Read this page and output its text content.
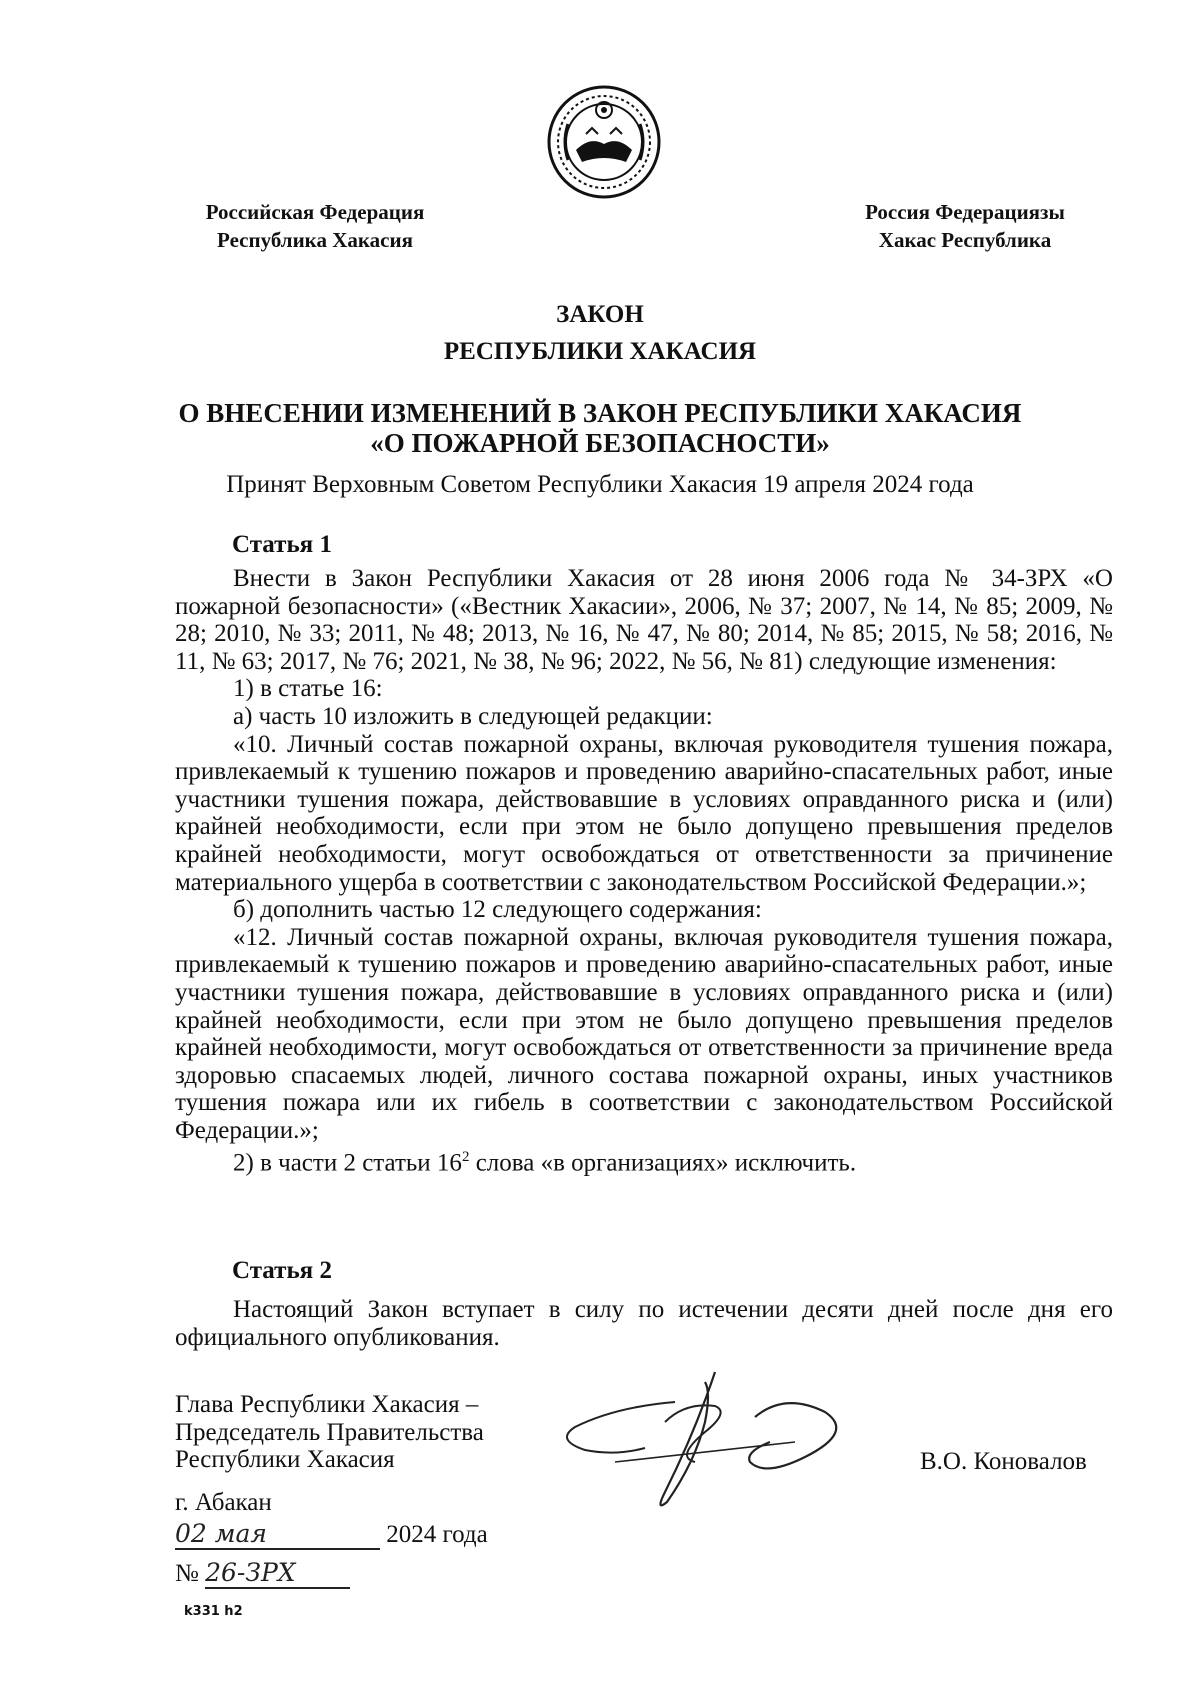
Российская Федерация
Республика Хакасия
Россия Федерациязы
Хакас Республика
ЗАКОН
РЕСПУБЛИКИ ХАКАСИЯ
О ВНЕСЕНИИ ИЗМЕНЕНИЙ В ЗАКОН РЕСПУБЛИКИ ХАКАСИЯ
«О ПОЖАРНОЙ БЕЗОПАСНОСТИ»
Принят Верховным Советом Республики Хакасия 19 апреля 2024 года
Статья 1

Внести в Закон Республики Хакасия от 28 июня 2006 года № 34-ЗРХ «О пожарной безопасности» («Вестник Хакасии», 2006, № 37; 2007, № 14, № 85; 2009, № 28; 2010, № 33; 2011, № 48; 2013, № 16, № 47, № 80; 2014, № 85; 2015, № 58; 2016, № 11, № 63; 2017, № 76; 2021, № 38, № 96; 2022, № 56, № 81) следующие изменения:

1) в статье 16:

а) часть 10 изложить в следующей редакции:

«10. Личный состав пожарной охраны, включая руководителя тушения пожара, привлекаемый к тушению пожаров и проведению аварийно-спасательных работ, иные участники тушения пожара, действовавшие в условиях оправданного риска и (или) крайней необходимости, если при этом не было допущено превышения пределов крайней необходимости, могут освобождаться от ответственности за причинение материального ущерба в соответствии с законодательством Российской Федерации.»;

б) дополнить частью 12 следующего содержания:

«12. Личный состав пожарной охраны, включая руководителя тушения пожара, привлекаемый к тушению пожаров и проведению аварийно-спасательных работ, иные участники тушения пожара, действовавшие в условиях оправданного риска и (или) крайней необходимости, если при этом не было допущено превышения пределов крайней необходимости, могут освобождаться от ответственности за причинение вреда здоровью спасаемых людей, личного состава пожарной охраны, иных участников тушения пожара или их гибель в соответствии с законодательством Российской Федерации.»;

2) в части 2 статьи $16^2$ слова «в организациях» исключить.

Статья 2

Настоящий Закон вступает в силу по истечении десяти дней после дня его официального опубликования.

Глава Республики Хакасия –
Председатель Правительства
Республики Хакасия	В.О. Коновалов
г. Абакан
02 мая	2024 года
№ 26-ЗРХ
k331 h2
